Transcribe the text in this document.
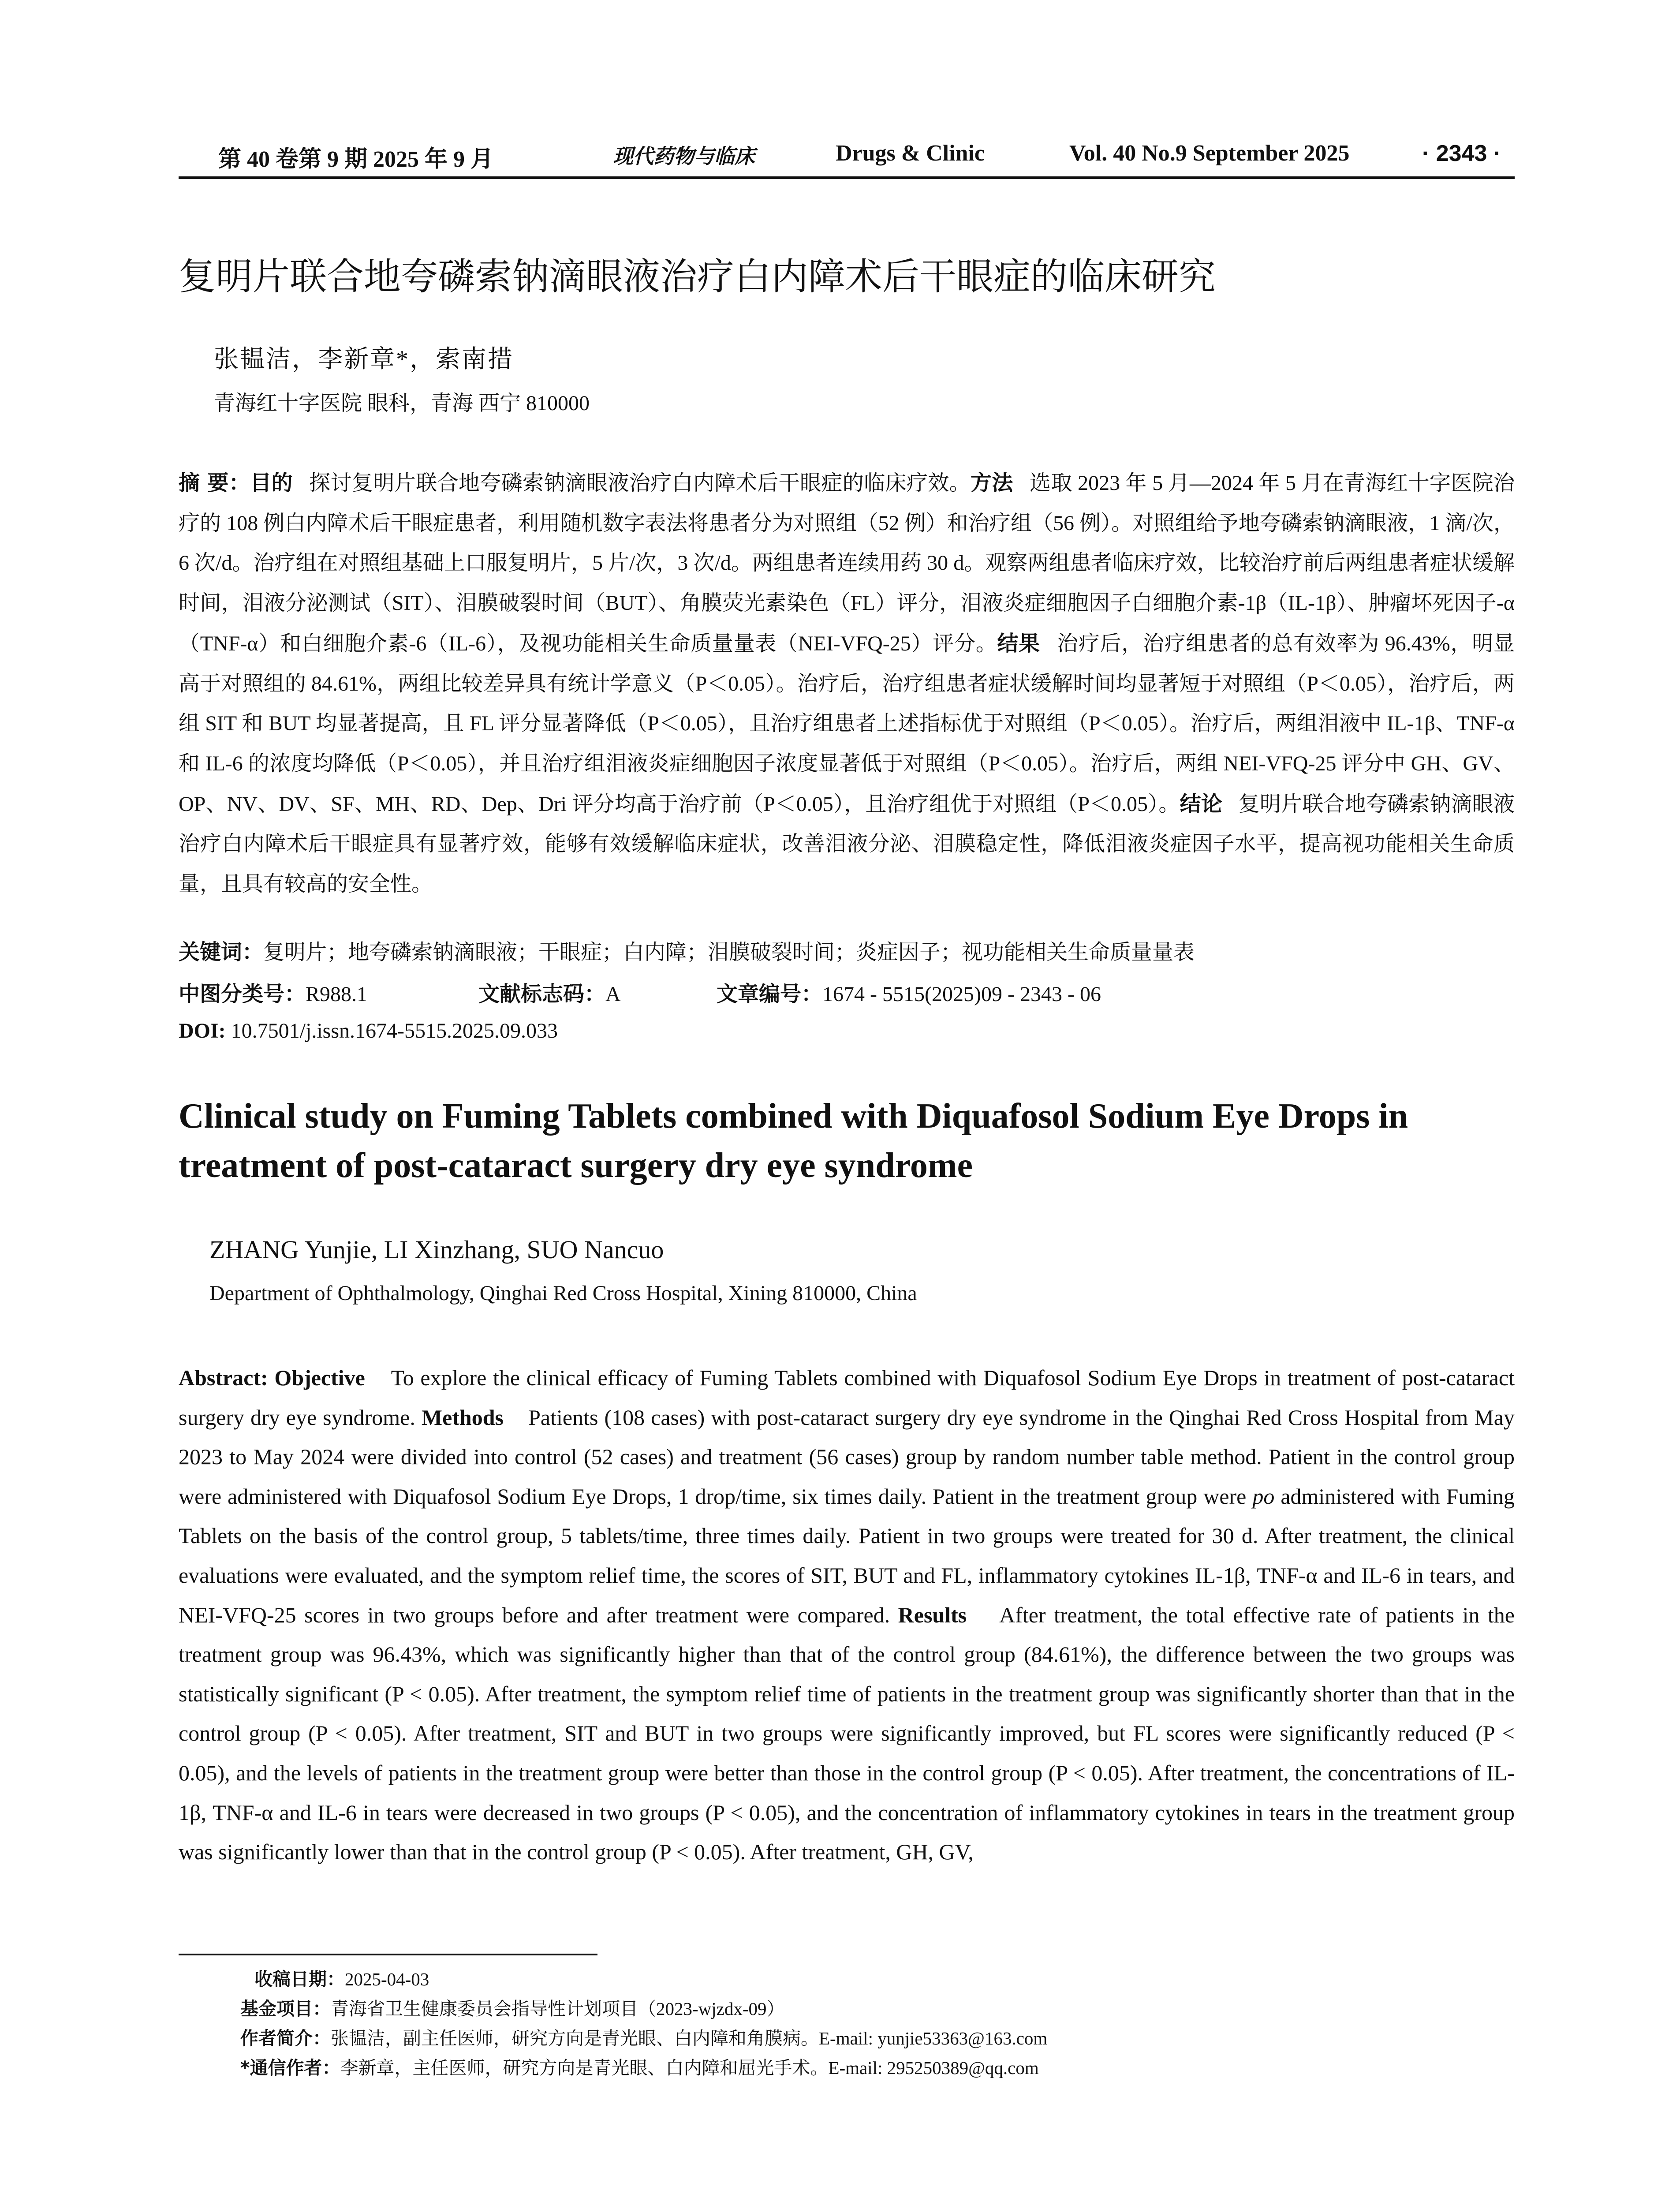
第 40 卷第 9 期 2025 年 9 月	现代药物与临床	Drugs & Clinic	Vol. 40 No.9 September 2025	· 2343 ·
复明片联合地夸磷索钠滴眼液治疗白内障术后干眼症的临床研究
张韫洁，李新章*，索南措
青海红十字医院 眼科，青海 西宁 810000
摘 要：目的 探讨复明片联合地夸磷索钠滴眼液治疗白内障术后干眼症的临床疗效。方法 选取 2023 年 5 月—2024 年 5 月在青海红十字医院治疗的 108 例白内障术后干眼症患者，利用随机数字表法将患者分为对照组（52 例）和治疗组（56 例）。对照组给予地夸磷索钠滴眼液，1 滴/次，6 次/d。治疗组在对照组基础上口服复明片，5 片/次，3 次/d。两组患者连续用药 30 d。观察两组患者临床疗效，比较治疗前后两组患者症状缓解时间，泪液分泌测试（SIT）、泪膜破裂时间（BUT）、角膜荧光素染色（FL）评分，泪液炎症细胞因子白细胞介素-1β（IL-1β）、肿瘤坏死因子-α（TNF-α）和白细胞介素-6（IL-6），及视功能相关生命质量量表（NEI-VFQ-25）评分。结果 治疗后，治疗组患者的总有效率为 96.43%，明显高于对照组的 84.61%，两组比较差异具有统计学意义（P＜0.05）。治疗后，治疗组患者症状缓解时间均显著短于对照组（P＜0.05），治疗后，两组 SIT 和 BUT 均显著提高，且 FL 评分显著降低（P＜0.05），且治疗组患者上述指标优于对照组（P＜0.05）。治疗后，两组泪液中 IL-1β、TNF-α 和 IL-6 的浓度均降低（P＜0.05），并且治疗组泪液炎症细胞因子浓度显著低于对照组（P＜0.05）。治疗后，两组 NEI-VFQ-25 评分中 GH、GV、OP、NV、DV、SF、MH、RD、Dep、Dri 评分均高于治疗前（P＜0.05），且治疗组优于对照组（P＜0.05）。结论 复明片联合地夸磷索钠滴眼液治疗白内障术后干眼症具有显著疗效，能够有效缓解临床症状，改善泪液分泌、泪膜稳定性，降低泪液炎症因子水平，提高视功能相关生命质量，且具有较高的安全性。
关键词：复明片；地夸磷索钠滴眼液；干眼症；白内障；泪膜破裂时间；炎症因子；视功能相关生命质量量表
中图分类号：R988.1	文献标志码：A	文章编号：1674 - 5515(2025)09 - 2343 - 06
DOI: 10.7501/j.issn.1674-5515.2025.09.033
Clinical study on Fuming Tablets combined with Diquafosol Sodium Eye Drops in treatment of post-cataract surgery dry eye syndrome
ZHANG Yunjie, LI Xinzhang, SUO Nancuo
Department of Ophthalmology, Qinghai Red Cross Hospital, Xining 810000, China
Abstract: Objective To explore the clinical efficacy of Fuming Tablets combined with Diquafosol Sodium Eye Drops in treatment of post-cataract surgery dry eye syndrome. Methods Patients (108 cases) with post-cataract surgery dry eye syndrome in the Qinghai Red Cross Hospital from May 2023 to May 2024 were divided into control (52 cases) and treatment (56 cases) group by random number table method. Patient in the control group were administered with Diquafosol Sodium Eye Drops, 1 drop/time, six times daily. Patient in the treatment group were po administered with Fuming Tablets on the basis of the control group, 5 tablets/time, three times daily. Patient in two groups were treated for 30 d. After treatment, the clinical evaluations were evaluated, and the symptom relief time, the scores of SIT, BUT and FL, inflammatory cytokines IL-1β, TNF-α and IL-6 in tears, and NEI-VFQ-25 scores in two groups before and after treatment were compared. Results After treatment, the total effective rate of patients in the treatment group was 96.43%, which was significantly higher than that of the control group (84.61%), the difference between the two groups was statistically significant (P < 0.05). After treatment, the symptom relief time of patients in the treatment group was significantly shorter than that in the control group (P < 0.05). After treatment, SIT and BUT in two groups were significantly improved, but FL scores were significantly reduced (P < 0.05), and the levels of patients in the treatment group were better than those in the control group (P < 0.05). After treatment, the concentrations of IL-1β, TNF-α and IL-6 in tears were decreased in two groups (P < 0.05), and the concentration of inflammatory cytokines in tears in the treatment group was significantly lower than that in the control group (P < 0.05). After treatment, GH, GV,
收稿日期：2025-04-03
基金项目：青海省卫生健康委员会指导性计划项目（2023-wjzdx-09）
作者简介：张韫洁，副主任医师，研究方向是青光眼、白内障和角膜病。E-mail: yunjie53363@163.com
*通信作者：李新章，主任医师，研究方向是青光眼、白内障和屈光手术。E-mail: 295250389@qq.com
